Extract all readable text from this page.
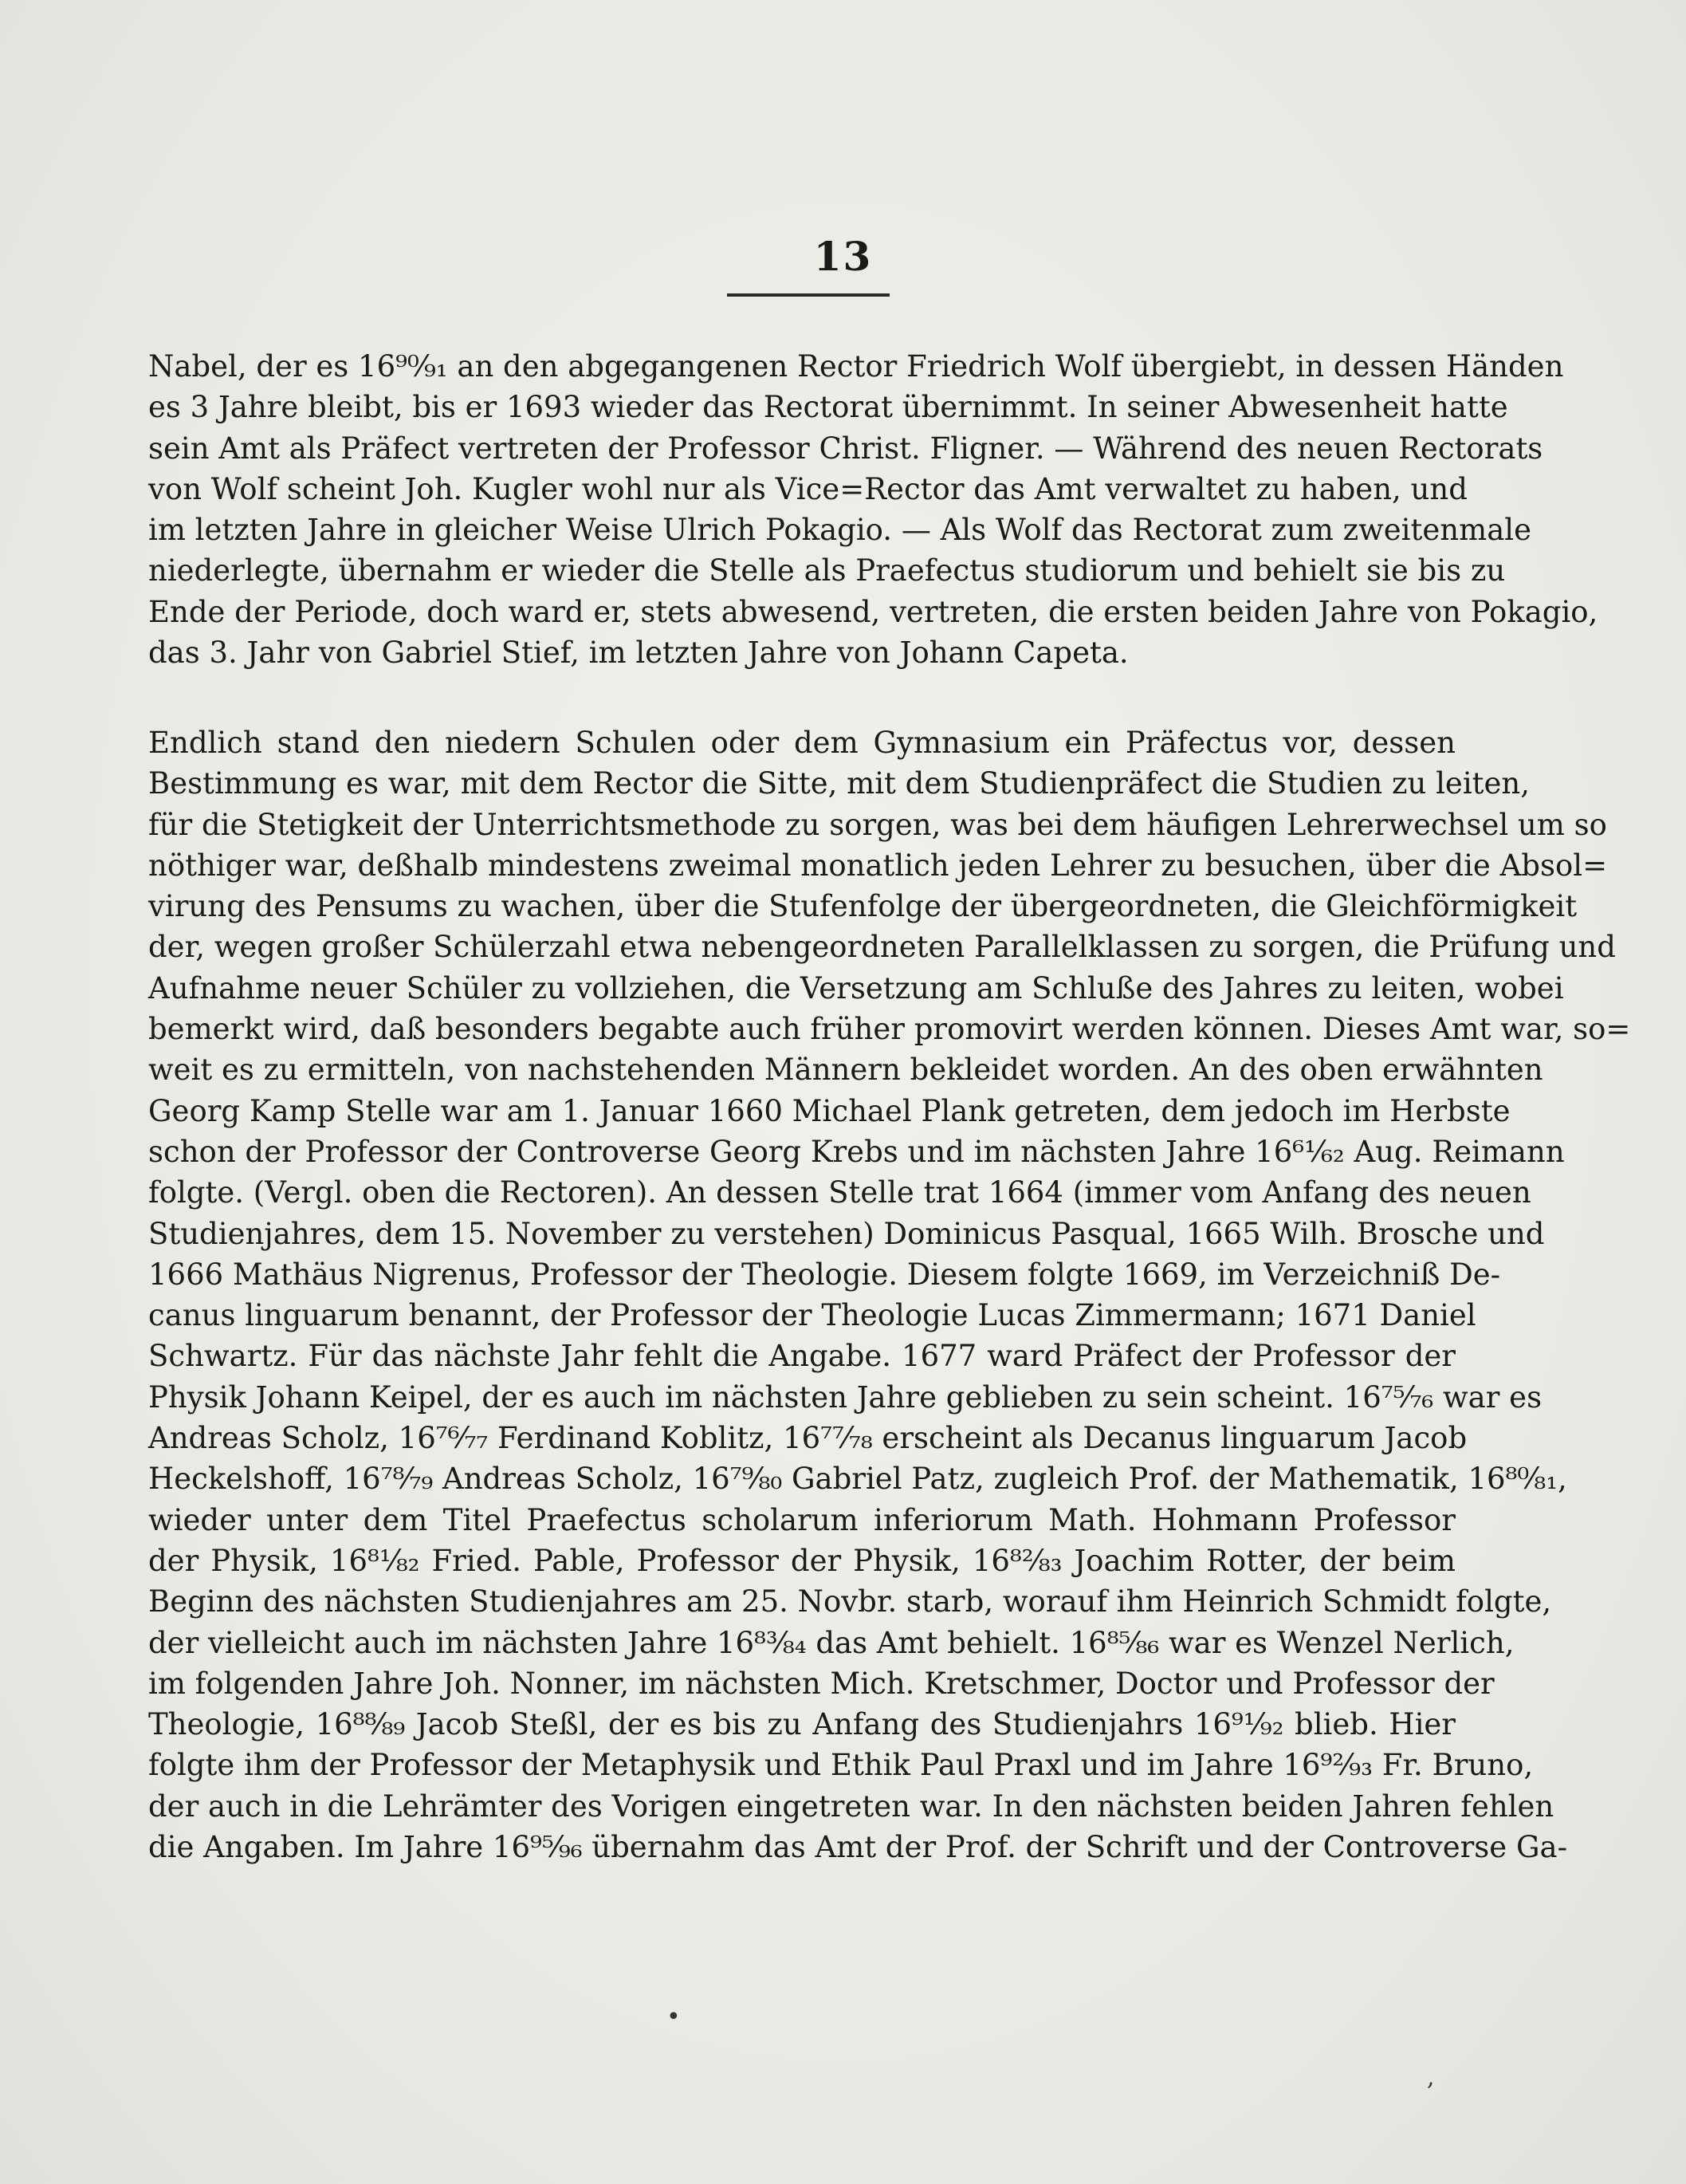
13
Nabel, der es 16⁹⁰⁄₉₁ an den abgegangenen Rector Friedrich Wolf übergiebt, in dessen Händen
es 3 Jahre bleibt, bis er 1693 wieder das Rectorat übernimmt. In seiner Abwesenheit hatte
sein Amt als Präfect vertreten der Professor Christ. Fligner. — Während des neuen Rectorats
von Wolf scheint Joh. Kugler wohl nur als Vice=Rector das Amt verwaltet zu haben, und
im letzten Jahre in gleicher Weise Ulrich Pokagio. — Als Wolf das Rectorat zum zweitenmale
niederlegte, übernahm er wieder die Stelle als Praefectus studiorum und behielt sie bis zu
Ende der Periode, doch ward er, stets abwesend, vertreten, die ersten beiden Jahre von Pokagio,
das 3. Jahr von Gabriel Stief, im letzten Jahre von Johann Capeta.
Endlich stand den niedern Schulen oder dem Gymnasium ein Präfectus vor, dessen
Bestimmung es war, mit dem Rector die Sitte, mit dem Studienpräfect die Studien zu leiten,
für die Stetigkeit der Unterrichtsmethode zu sorgen, was bei dem häufigen Lehrerwechsel um so
nöthiger war, deßhalb mindestens zweimal monatlich jeden Lehrer zu besuchen, über die Absol=
virung des Pensums zu wachen, über die Stufenfolge der übergeordneten, die Gleichförmigkeit
der, wegen großer Schülerzahl etwa nebengeordneten Parallelklassen zu sorgen, die Prüfung und
Aufnahme neuer Schüler zu vollziehen, die Versetzung am Schluße des Jahres zu leiten, wobei
bemerkt wird, daß besonders begabte auch früher promovirt werden können. Dieses Amt war, so=
weit es zu ermitteln, von nachstehenden Männern bekleidet worden. An des oben erwähnten
Georg Kamp Stelle war am 1. Januar 1660 Michael Plank getreten, dem jedoch im Herbste
schon der Professor der Controverse Georg Krebs und im nächsten Jahre 16⁶¹⁄₆₂ Aug. Reimann
folgte. (Vergl. oben die Rectoren). An dessen Stelle trat 1664 (immer vom Anfang des neuen
Studienjahres, dem 15. November zu verstehen) Dominicus Pasqual, 1665 Wilh. Brosche und
1666 Mathäus Nigrenus, Professor der Theologie. Diesem folgte 1669, im Verzeichniß De-
canus linguarum benannt, der Professor der Theologie Lucas Zimmermann; 1671 Daniel
Schwartz. Für das nächste Jahr fehlt die Angabe. 1677 ward Präfect der Professor der
Physik Johann Keipel, der es auch im nächsten Jahre geblieben zu sein scheint. 16⁷⁵⁄₇₆ war es
Andreas Scholz, 16⁷⁶⁄₇₇ Ferdinand Koblitz, 16⁷⁷⁄₇₈ erscheint als Decanus linguarum Jacob
Heckelshoff, 16⁷⁸⁄₇₉ Andreas Scholz, 16⁷⁹⁄₈₀ Gabriel Patz, zugleich Prof. der Mathematik, 16⁸⁰⁄₈₁,
wieder unter dem Titel Praefectus scholarum inferiorum Math. Hohmann Professor
der Physik, 16⁸¹⁄₈₂ Fried. Pable, Professor der Physik, 16⁸²⁄₈₃ Joachim Rotter, der beim
Beginn des nächsten Studienjahres am 25. Novbr. starb, worauf ihm Heinrich Schmidt folgte,
der vielleicht auch im nächsten Jahre 16⁸³⁄₈₄ das Amt behielt. 16⁸⁵⁄₈₆ war es Wenzel Nerlich,
im folgenden Jahre Joh. Nonner, im nächsten Mich. Kretschmer, Doctor und Professor der
Theologie, 16⁸⁸⁄₈₉ Jacob Steßl, der es bis zu Anfang des Studienjahrs 16⁹¹⁄₉₂ blieb. Hier
folgte ihm der Professor der Metaphysik und Ethik Paul Praxl und im Jahre 16⁹²⁄₉₃ Fr. Bruno,
der auch in die Lehrämter des Vorigen eingetreten war. In den nächsten beiden Jahren fehlen
die Angaben. Im Jahre 16⁹⁵⁄₉₆ übernahm das Amt der Prof. der Schrift und der Controverse Ga-
•
,
